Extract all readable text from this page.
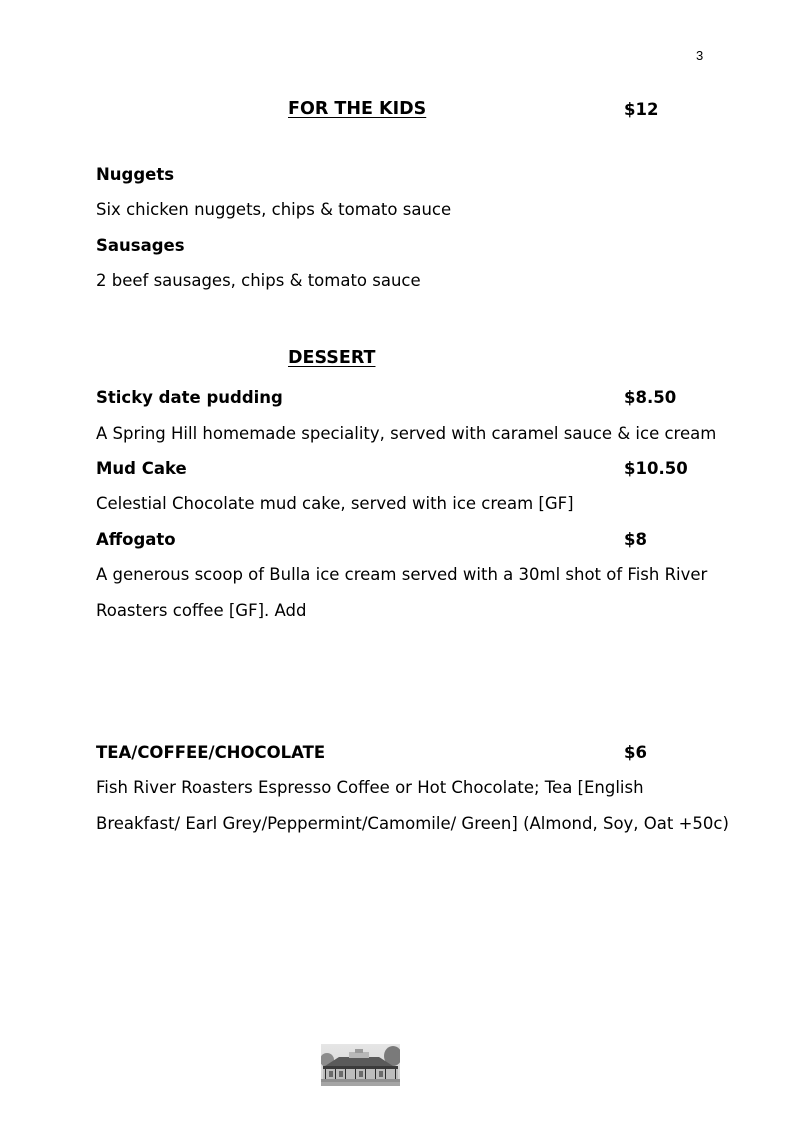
3
FOR THE KIDS	$12
Nuggets
Six chicken nuggets, chips & tomato sauce
Sausages
2 beef sausages, chips & tomato sauce
DESSERT
Sticky date pudding	$8.50
A Spring Hill homemade speciality, served with caramel sauce & ice cream
Mud Cake	$10.50
Celestial Chocolate mud cake, served with ice cream [GF]
Affogato	$8
A generous scoop of Bulla ice cream served with a 30ml shot of Fish River
Roasters coffee [GF]. Add
TEA/COFFEE/CHOCOLATE	$6
Fish River Roasters Espresso Coffee or Hot Chocolate; Tea [English
Breakfast/ Earl Grey/Peppermint/Camomile/ Green] (Almond, Soy, Oat +50c)
